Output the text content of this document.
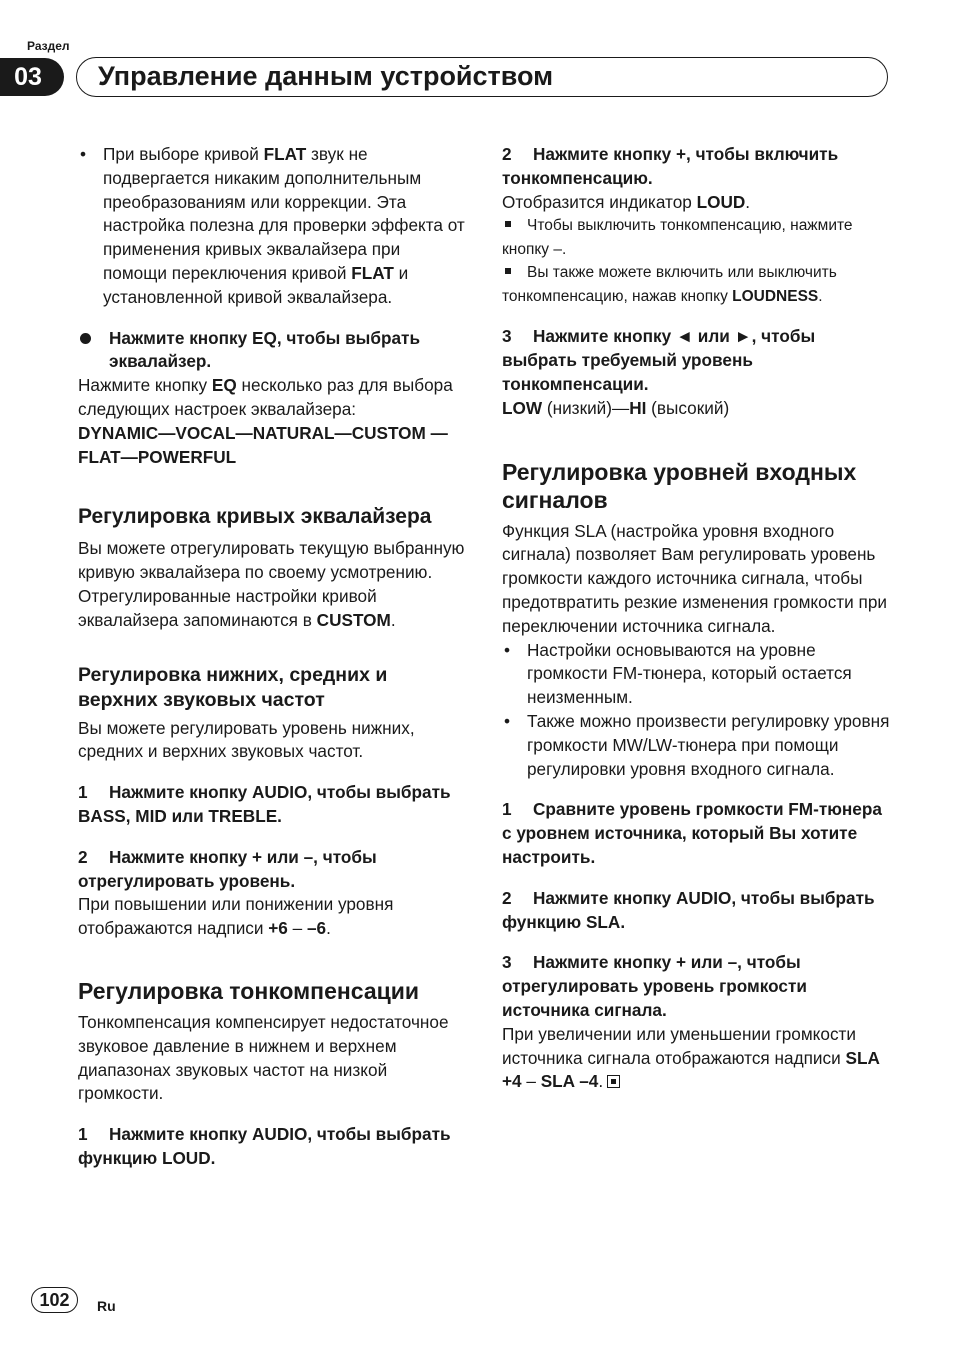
Раздел
03	Управление данным устройством

• При выборе кривой FLAT звук не подвергается никаким дополнительным преобразованиям или коррекции. Эта настройка полезна для проверки эффекта от применения кривых эквалайзера при помощи переключения кривой FLAT и установленной кривой эквалайзера.

Нажмите кнопку EQ, чтобы выбрать эквалайзер.

Нажмите кнопку EQ несколько раз для выбора следующих настроек эквалайзера:

DYNAMIC—VOCAL—NATURAL—CUSTOM —FLAT—POWERFUL

Регулировка кривых эквалайзера

Вы можете отрегулировать текущую выбранную кривую эквалайзера по своему усмотрению. Отрегулированные настройки кривой эквалайзера запоминаются в CUSTOM.

Регулировка нижних, средних и верхних звуковых частот

Вы можете регулировать уровень нижних, средних и верхних звуковых частот.

1 Нажмите кнопку AUDIO, чтобы выбрать BASS, MID или TREBLE.

2 Нажмите кнопку + или –, чтобы отрегулировать уровень.

При повышении или понижении уровня отображаются надписи +6 – –6.

Регулировка тонкомпенсации

Тонкомпенсация компенсирует недостаточное звуковое давление в нижнем и верхнем диапазонах звуковых частот на низкой громкости.

1 Нажмите кнопку AUDIO, чтобы выбрать функцию LOUD.

2 Нажмите кнопку +, чтобы включить тонкомпенсацию.

Отобразится индикатор LOUD.

Чтобы выключить тонкомпенсацию, нажмите кнопку –.

Вы также можете включить или выключить тонкомпенсацию, нажав кнопку LOUDNESS.

3 Нажмите кнопку ◄ или ►, чтобы выбрать требуемый уровень тонкомпенсации.

LOW (низкий)—HI (высокий)

Регулировка уровней входных сигналов

Функция SLA (настройка уровня входного сигнала) позволяет Вам регулировать уровень громкости каждого источника сигнала, чтобы предотвратить резкие изменения громкости при переключении источника сигнала.

• Настройки основываются на уровне громкости FM-тюнера, который остается неизменным.

• Также можно произвести регулировку уровня громкости MW/LW-тюнера при помощи регулировки уровня входного сигнала.

1 Сравните уровень громкости FM-тюнера с уровнем источника, который Вы хотите настроить.

2 Нажмите кнопку AUDIO, чтобы выбрать функцию SLA.

3 Нажмите кнопку + или –, чтобы отрегулировать уровень громкости источника сигнала.

При увеличении или уменьшении громкости источника сигнала отображаются надписи SLA +4 – SLA –4.

102	Ru
